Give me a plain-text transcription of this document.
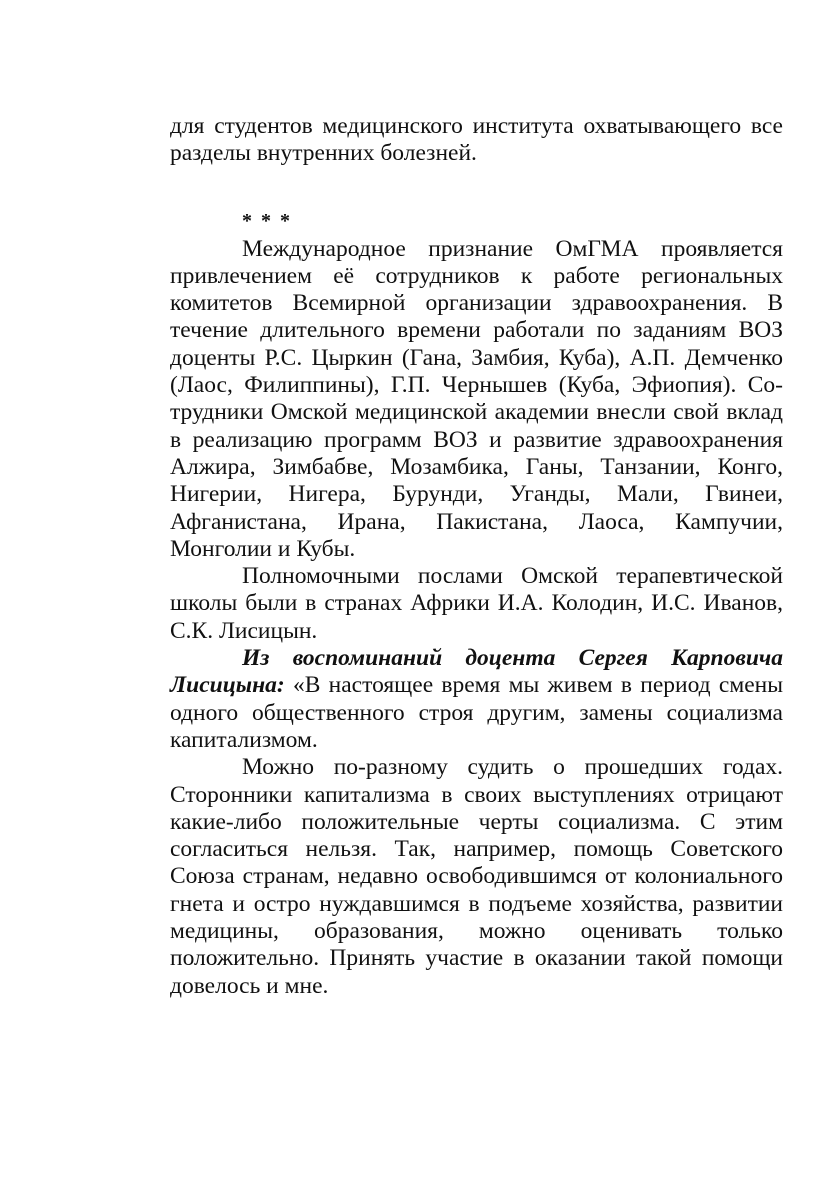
для студентов медицинского института охватывающего все разделы внутренних болезней.

* * *

Международное признание ОмГМА проявляется привлечением её сотрудников к работе региональных комитетов Всемирной организации здравоохранения. В течение длительного времени работали по заданиям ВОЗ доценты Р.С. Цыркин (Гана, Замбия, Куба), А.П. Демченко (Лаос, Филиппины), Г.П. Чернышев (Куба, Эфиопия). Со-трудники Омской медицинской академии внесли свой вклад в реализацию программ ВОЗ и развитие здравоохранения Алжира, Зимбабве, Мозамбика, Ганы, Танзании, Конго, Нигерии, Нигера, Бурунди, Уганды, Мали, Гвинеи, Афганистана, Ирана, Пакистана, Лаоса, Кампучии, Монголии и Кубы.

Полномочными послами Омской терапевтической школы были в странах Африки И.А. Колодин, И.С. Иванов, С.К. Лисицын.

Из воспоминаний доцента Сергея Карповича Лисицына: «В настоящее время мы живем в период смены одного общественного строя другим, замены социализма капитализмом.

Можно по-разному судить о прошедших годах. Сторонники капитализма в своих выступлениях отрицают какие-либо положительные черты социализма. С этим согласиться нельзя. Так, например, помощь Советского Союза странам, недавно освободившимся от колониального гнета и остро нуждавшимся в подъеме хозяйства, развитии медицины, образования, можно оценивать только положительно. Принять участие в оказании такой помощи довелось и мне.
